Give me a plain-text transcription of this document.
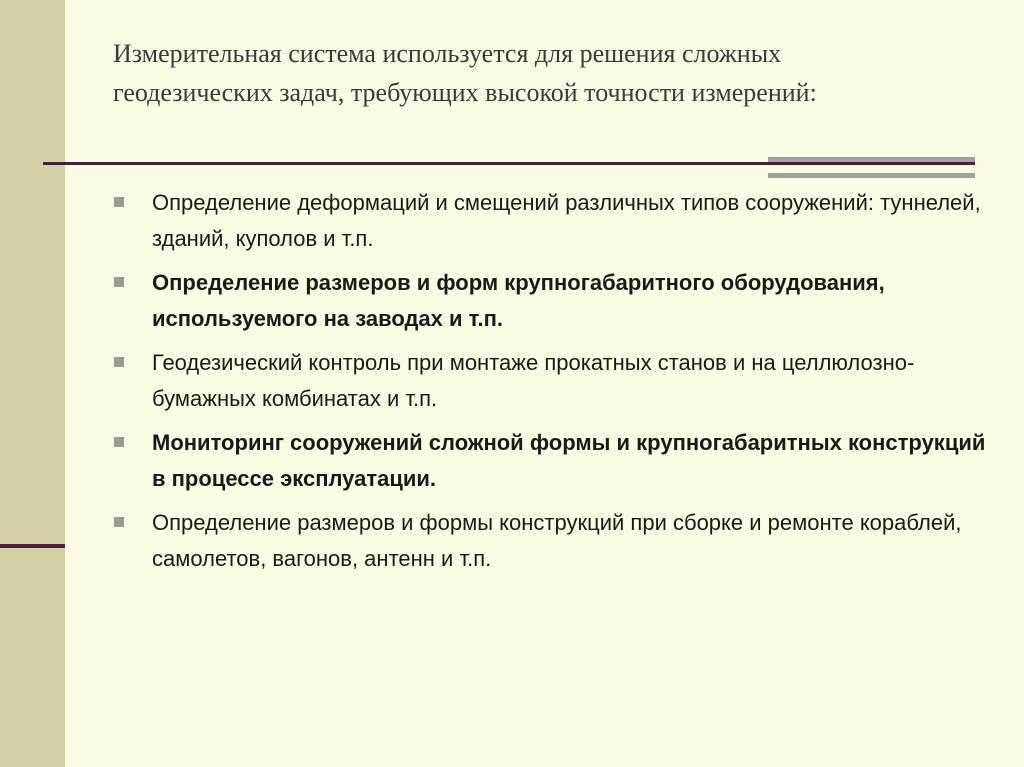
Измерительная система используется для решения сложных геодезических задач, требующих высокой точности измерений:
Определение деформаций и смещений различных типов сооружений: туннелей, зданий, куполов и т.п.
Определение размеров и форм крупногабаритного оборудования, используемого на заводах и т.п.
Геодезический контроль при монтаже прокатных станов и на целлюлозно-бумажных комбинатах и т.п.
Мониторинг сооружений сложной формы и крупногабаритных конструкций в процессе эксплуатации.
Определение размеров и формы конструкций при сборке и ремонте кораблей, самолетов, вагонов, антенн и т.п.
